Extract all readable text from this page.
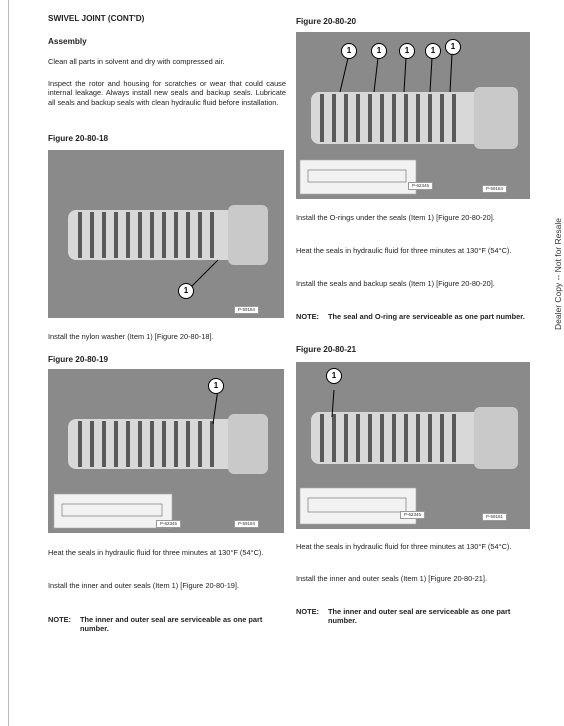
SWIVEL JOINT (CONT'D)
Assembly

Clean all parts in solvent and dry with compressed air.

Inspect the rotor and housing for scratches or wear that could cause internal leakage. Always install new seals and backup seals. Lubricate all seals and backup seals with clean hydraulic fluid before installation.

Figure 20-80-18
1
P-59184

Install the nylon washer (Item 1) [Figure 20-80-18].

Figure 20-80-19
1
P-62345	P-59184

Heat the seals in hydraulic fluid for three minutes at 130°F (54°C).

Install the inner and outer seals (Item 1) [Figure 20-80-19].

NOTE: The inner and outer seal are serviceable as one part number.
Figure 20-80-20
1	1	1	1	1
P-62345
P-59184

Install the O-rings under the seals (Item 1) [Figure 20-80-20].

Heat the seals in hydraulic fluid for three minutes at 130°F (54°C).

Install the seals and backup seals (Item 1) [Figure 20-80-20].

NOTE: The seal and O-ring are serviceable as one part number.
Figure 20-80-21
1
P-62346	P-59181

Heat the seals in hydraulic fluid for three minutes at 130°F (54°C).

Install the inner and outer seals (Item 1) [Figure 20-80-21].

NOTE: The inner and outer seal are serviceable as one part number.
Dealer Copy -- Not for Resale
